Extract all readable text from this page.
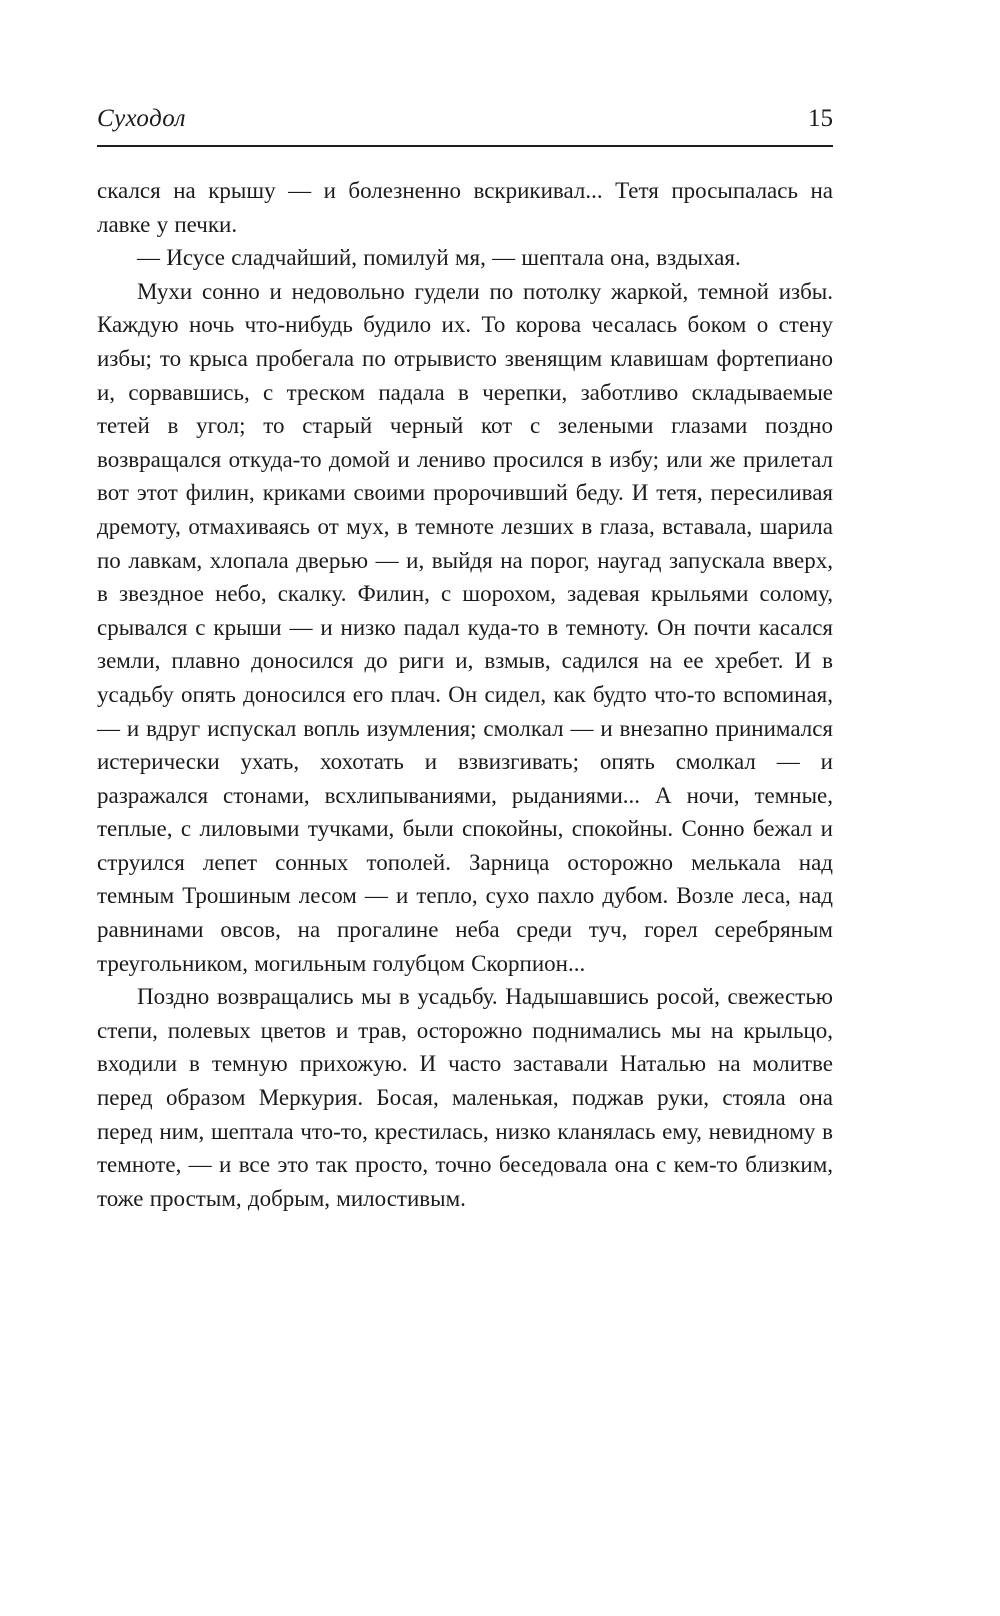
Суходол	15

скался на крышу — и болезненно вскрикивал... Тетя просыпалась на лавке у печки.

— Исусе сладчайший, помилуй мя, — шептала она, вздыхая.

Мухи сонно и недовольно гудели по потолку жаркой, темной избы. Каждую ночь что-нибудь будило их. То корова чесалась боком о стену избы; то крыса пробегала по отрывисто звенящим клавишам фортепиано и, сорвавшись, с треском падала в черепки, заботливо складываемые тетей в угол; то старый черный кот с зелеными глазами поздно возвращался откуда-то домой и лениво просился в избу; или же прилетал вот этот филин, криками своими пророчивший беду. И тетя, пересиливая дремоту, отмахиваясь от мух, в темноте лезших в глаза, вставала, шарила по лавкам, хлопала дверью — и, выйдя на порог, наугад запускала вверх, в звездное небо, скалку. Филин, с шорохом, задевая крыльями солому, срывался с крыши — и низко падал куда-то в темноту. Он почти касался земли, плавно доносился до риги и, взмыв, садился на ее хребет. И в усадьбу опять доносился его плач. Он сидел, как будто что-то вспоминая, — и вдруг испускал вопль изумления; смолкал — и внезапно принимался истерически ухать, хохотать и взвизгивать; опять смолкал — и разражался стонами, всхлипываниями, рыданиями... А ночи, темные, теплые, с лиловыми тучками, были спокойны, спокойны. Сонно бежал и струился лепет сонных тополей. Зарница осторожно мелькала над темным Трошиным лесом — и тепло, сухо пахло дубом. Возле леса, над равнинами овсов, на прогалине неба среди туч, горел серебряным треугольником, могильным голубцом Скорпион...

Поздно возвращались мы в усадьбу. Надышавшись росой, свежестью степи, полевых цветов и трав, осторожно поднимались мы на крыльцо, входили в темную прихожую. И часто заставали Наталью на молитве перед образом Меркурия. Босая, маленькая, поджав руки, стояла она перед ним, шептала что-то, крестилась, низко кланялась ему, невидному в темноте, — и все это так просто, точно беседовала она с кем-то близким, тоже простым, добрым, милостивым.
